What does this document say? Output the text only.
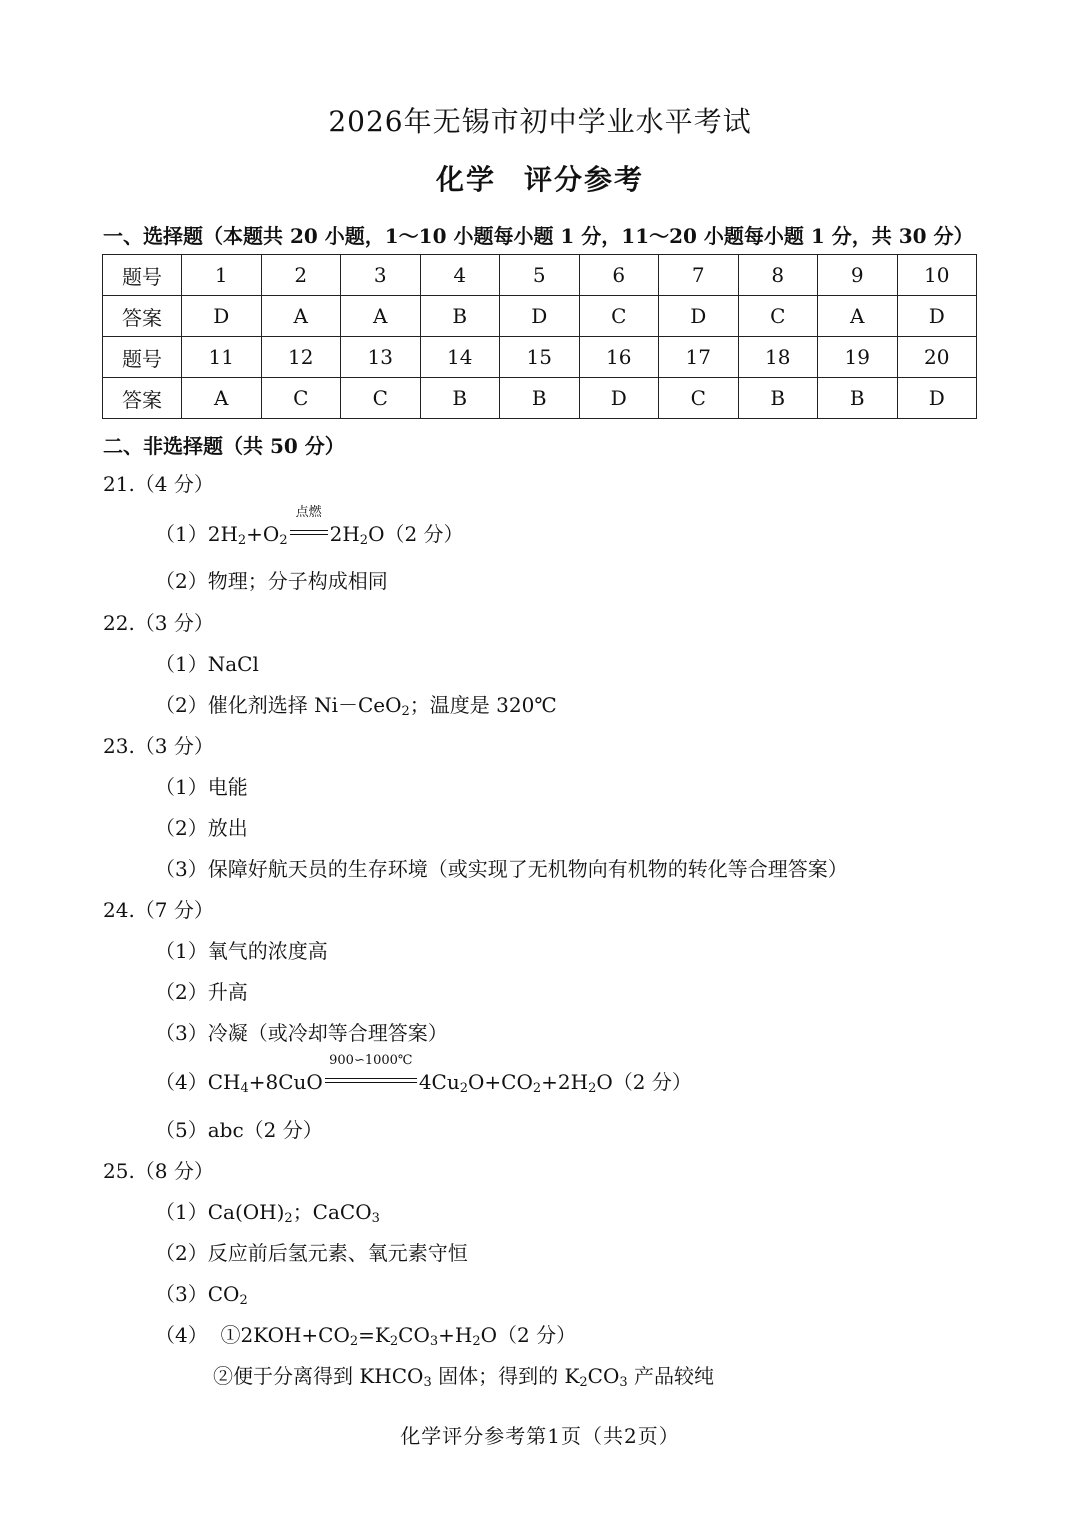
2026年无锡市初中学业水平考试
化学 评分参考
一、选择题（本题共 20 小题，1～10 小题每小题 1 分，11～20 小题每小题 1 分，共 30 分）
题号	1	2	3	4	5	6	7	8	9	10
答案	D	A	A	B	D	C	D	C	A	D
题号	11	12	13	14	15	16	17	18	19	20
答案	A	C	C	B	B	D	C	B	B	D
二、非选择题（共 50 分）
21.（4 分）
$(1)2H_2+O_2$
点燃
$2H_2O(2$ 分）
（2）物理；分子构成相同
22.（3 分）
（1）NaCl
（2）催化剂选择 Ni－CeO$_2$；温度是 320℃
23.（3 分）
（1）电能
（2）放出
（3）保障好航天员的生存环境（或实现了无机物向有机物的转化等合理答案）
24.（7 分）
（1）氧气的浓度高
（2）升高
（3）冷凝（或冷却等合理答案）
$(4)CH_4+8CuO$
900∽1000℃
$4Cu_2O+CO_2+2H_2O(2$ 分）
（5）abc（2 分）
25.（8 分）
$(1)Ca(OH)_2$；CaCO$_3$
（2）反应前后氢元素、氧元素守恒
$(3)CO_2$
（4）  $①2KOH+CO_2=K_2CO_3+H_2O(2$ 分）
②便于分离得到 $KHCO_3$ 固体；得到的 $K_2CO_3$ 产品较纯
化学评分参考第1页（共2页）
